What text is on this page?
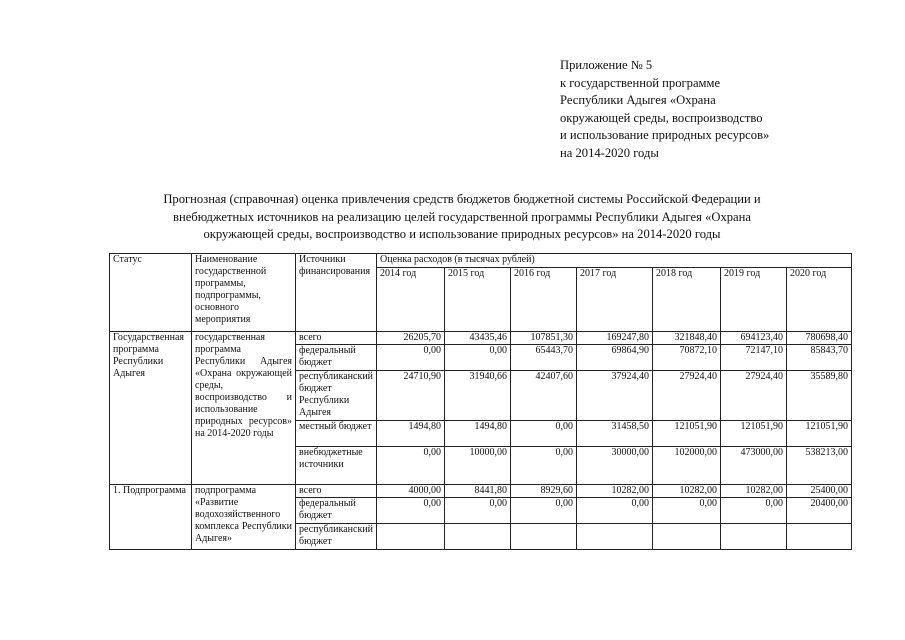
Приложение № 5
к государственной программе
Республики Адыгея «Охрана
окружающей среды, воспроизводство
и использование природных ресурсов»
на 2014-2020 годы
Прогнозная (справочная) оценка привлечения средств бюджетов бюджетной системы Российской Федерации и
внебюджетных источников на реализацию целей государственной программы Республики Адыгея «Охрана
окружающей среды, воспроизводство и использование природных ресурсов» на 2014-2020 годы
Статус	Наименование государственной программы, подпрограммы, основного мероприятия	Источники финансирования	Оценка расходов (в тысячах рублей)						
			2014 год	2015 год	2016 год	2017 год	2018 год	2019 год	2020 год
Государственная программа Республики Адыгея	государственная программа Республики Адыгея «Охрана окружающей среды, воспроизводство и использование природных ресурсов» на 2014-2020 годы	всего	26205,70	43435,46	107851,30	169247,80	321848,40	694123,40	780698,40
		федеральный бюджет	0,00	0,00	65443,70	69864,90	70872,10	72147,10	85843,70
		республиканский бюджет Республики Адыгея	24710,90	31940,66	42407,60	37924,40	27924,40	27924,40	35589,80
		местный бюджет	1494,80	1494,80	0,00	31458,50	121051,90	121051,90	121051,90
		внебюджетные источники	0,00	10000,00	0,00	30000,00	102000,00	473000,00	538213,00
1. Подпрограмма	подпрограмма «Развитие водохозяйственного комплекса Республики Адыгея»	всего	4000,00	8441,80	8929,60	10282,00	10282,00	10282,00	25400,00
		федеральный бюджет	0,00	0,00	0,00	0,00	0,00	0,00	20400,00
		республиканский бюджет							
